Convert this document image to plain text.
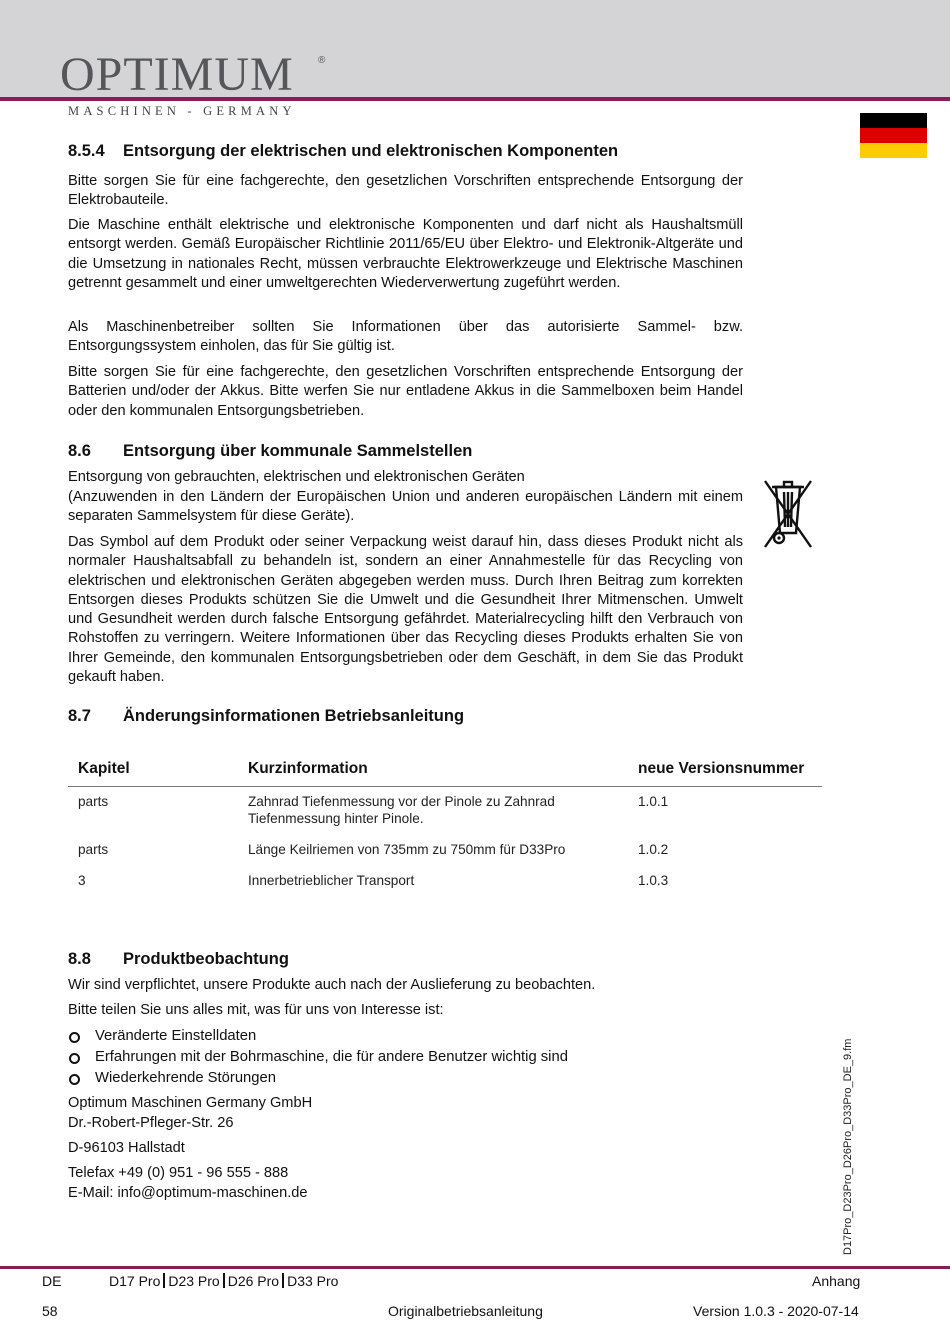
OPTIMUM ®
MASCHINEN - GERMANY
8.5.4 Entsorgung der elektrischen und elektronischen Komponenten

Bitte sorgen Sie für eine fachgerechte, den gesetzlichen Vorschriften entsprechende Entsorgung der Elektrobauteile.

Die Maschine enthält elektrische und elektronische Komponenten und darf nicht als Haushaltsmüll entsorgt werden. Gemäß Europäischer Richtlinie 2011/65/EU über Elektro- und Elektronik-Altgeräte und die Umsetzung in nationales Recht, müssen verbrauchte Elektrowerkzeuge und Elektrische Maschinen getrennt gesammelt und einer umweltgerechten Wiederverwertung zugeführt werden.

Als Maschinenbetreiber sollten Sie Informationen über das autorisierte Sammel- bzw. Entsorgungssystem einholen, das für Sie gültig ist.

Bitte sorgen Sie für eine fachgerechte, den gesetzlichen Vorschriften entsprechende Entsorgung der Batterien und/oder der Akkus. Bitte werfen Sie nur entladene Akkus in die Sammelboxen beim Handel oder den kommunalen Entsorgungsbetrieben.

8.6 Entsorgung über kommunale Sammelstellen

Entsorgung von gebrauchten, elektrischen und elektronischen Geräten

(Anzuwenden in den Ländern der Europäischen Union und anderen europäischen Ländern mit einem separaten Sammelsystem für diese Geräte).

Das Symbol auf dem Produkt oder seiner Verpackung weist darauf hin, dass dieses Produkt nicht als normaler Haushaltsabfall zu behandeln ist, sondern an einer Annahmestelle für das Recycling von elektrischen und elektronischen Geräten abgegeben werden muss. Durch Ihren Beitrag zum korrekten Entsorgen dieses Produkts schützen Sie die Umwelt und die Gesundheit Ihrer Mitmenschen. Umwelt und Gesundheit werden durch falsche Entsorgung gefährdet. Materialrecycling hilft den Verbrauch von Rohstoffen zu verringern. Weitere Informationen über das Recycling dieses Produkts erhalten Sie von Ihrer Gemeinde, den kommunalen Entsorgungsbetrieben oder dem Geschäft, in dem Sie das Produkt gekauft haben.

8.7 Änderungsinformationen Betriebsanleitung
Kapitel	Kurzinformation	neue Versionsnummer
parts	Zahnrad Tiefenmessung vor der Pinole zu Zahnrad Tiefenmessung hinter Pinole.	1.0.1
parts	Länge Keilriemen von 735mm zu 750mm für D33Pro	1.0.2
3	Innerbetrieblicher Transport	1.0.3
8.8 Produktbeobachtung

Wir sind verpflichtet, unsere Produkte auch nach der Auslieferung zu beobachten.

Bitte teilen Sie uns alles mit, was für uns von Interesse ist:

Veränderte Einstelldaten
Erfahrungen mit der Bohrmaschine, die für andere Benutzer wichtig sind
Wiederkehrende Störungen

Optimum Maschinen Germany GmbH

Dr.-Robert-Pfleger-Str. 26

D-96103 Hallstadt

Telefax +49 (0) 951 - 96 555 - 888

E-Mail: info@optimum-maschinen.de	D17Pro_D23Pro_D26Pro_D33Pro_DE_9.fm
DE	D17 Pro D23 Pro D26 Pro D33 Pro	Anhang
58	Originalbetriebsanleitung	Version 1.0.3 - 2020-07-14
